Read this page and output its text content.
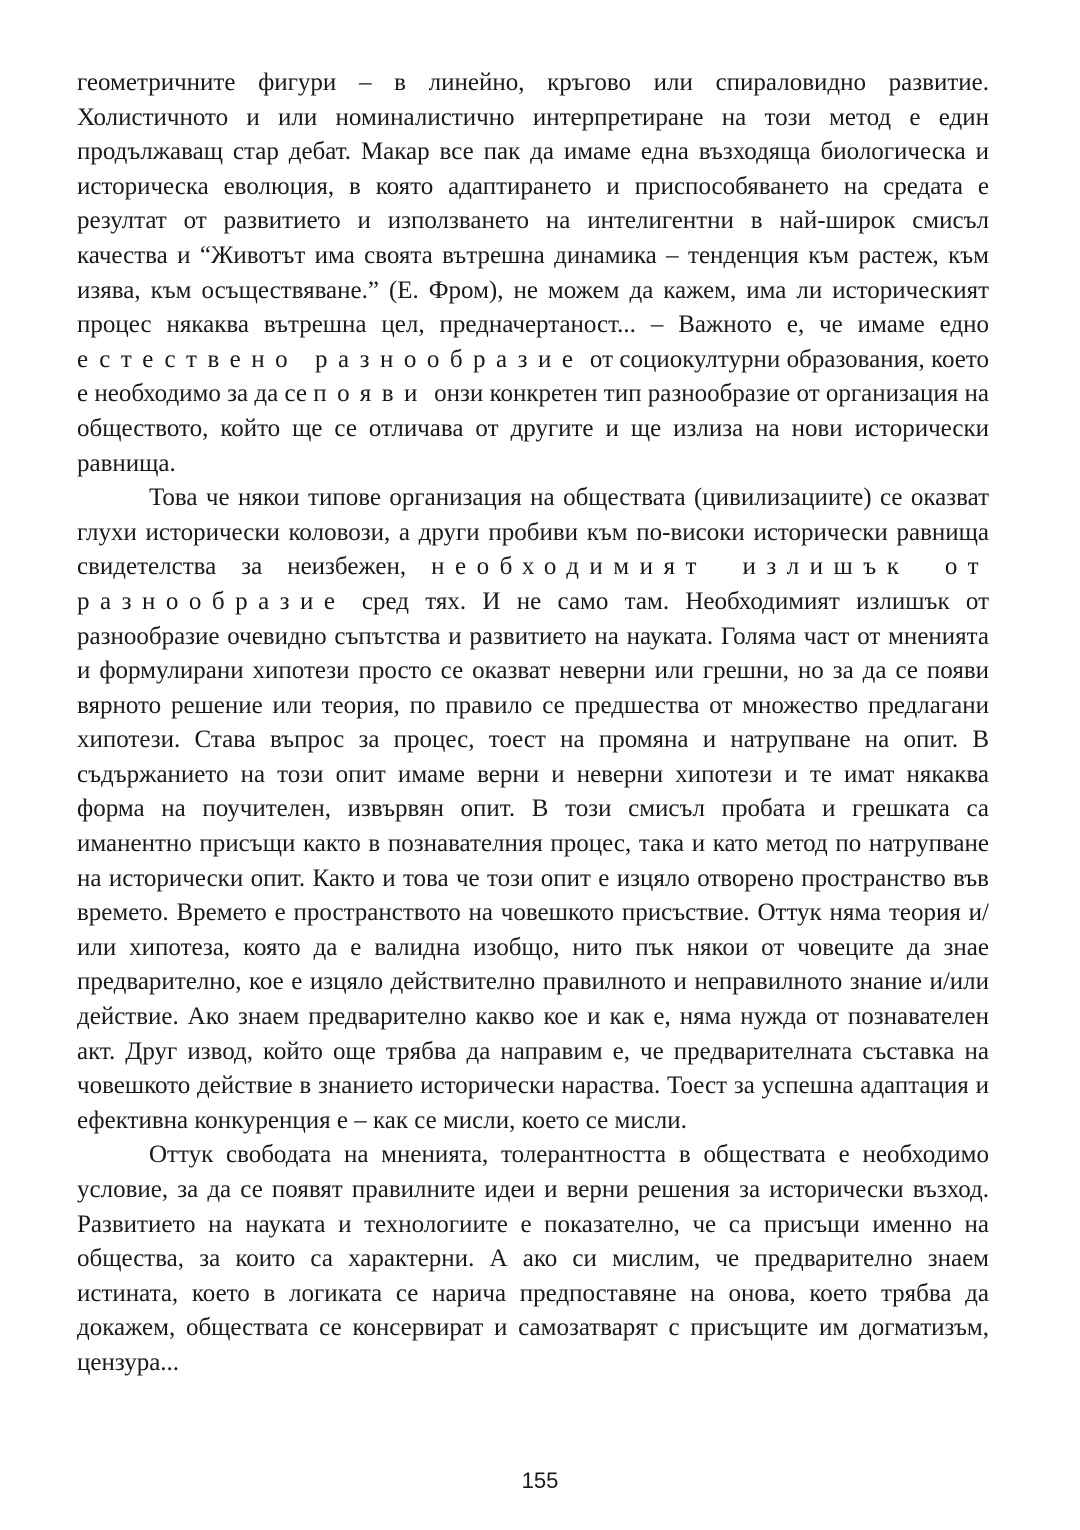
геометричните фигури – в линейно, кръгово или спираловидно развитие. Холистичното и или номиналистично интерпретиране на този метод е един продължаващ стар дебат. Макар все пак да имаме една възходяща биологическа и историческа еволюция, в която адаптирането и приспособяването на средата е резултат от развитието и използването на интелигентни в най-широк смисъл качества и “Животът има своята вътрешна динамика – тенденция към растеж, към изява, към осъществяване.” (Е. Фром), не можем да кажем, има ли историческият процес някаква вътрешна цел, предначертаност... – Важното е, че имаме едно естествено разнообразие от социокултурни образования, което е необходимо за да се появи онзи конкретен тип разнообразие от организация на обществото, който ще се отличава от другите и ще излиза на нови исторически равнища.

Това че някои типове организация на обществата (цивилизациите) се оказват глухи исторически коловози, а други пробиви към по-високи исторически равнища свидетелства за неизбежен, необходимият излишък от разнообразие сред тях. И не само там. Необходимият излишък от разнообразие очевидно съпътства и развитието на науката. Голяма част от мненията и формулирани хипотези просто се оказват неверни или грешни, но за да се появи вярното решение или теория, по правило се предшества от множество предлагани хипотези. Става въпрос за процес, тоест на промяна и натрупване на опит. В съдържанието на този опит имаме верни и неверни хипотези и те имат някаква форма на поучителен, извървян опит. В този смисъл пробата и грешката са иманентно присъщи както в познавателния процес, така и като метод по натрупване на исторически опит. Както и това че този опит е изцяло отворено пространство във времето. Времето е пространството на човешкото присъствие. Оттук няма теория и/или хипотеза, която да е валидна изобщо, нито пък някои от човеците да знае предварително, кое е изцяло действително правилното и неправилното знание и/или действие. Ако знаем предварително какво кое и как е, няма нужда от познавателен акт. Друг извод, който още трябва да направим е, че предварителната съставка на човешкото действие в знанието исторически нараства. Тоест за успешна адаптация и ефективна конкуренция е – как се мисли, което се мисли.

Оттук свободата на мненията, толерантността в обществата е необходимо условие, за да се появят правилните идеи и верни решения за исторически възход. Развитието на науката и технологиите е показателно, че са присъщи именно на общества, за които са характерни. А ако си мислим, че предварително знаем истината, което в логиката се нарича предпоставяне на онова, което трябва да докажем, обществата се консервират и самозатварят с присъщите им догматизъм, цензура...

155
